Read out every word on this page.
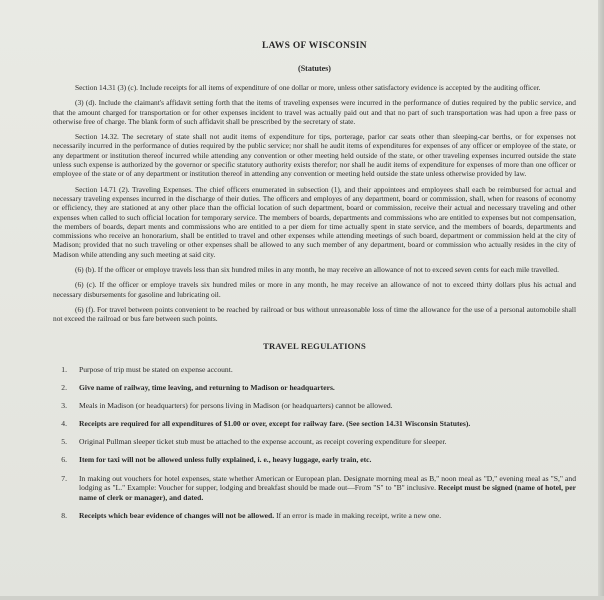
LAWS OF WISCONSIN
(Statutes)

Section 14.31 (3) (c). Include receipts for all items of expenditure of one dollar or more, unless other satisfactory evidence is accepted by the auditing officer.

(3) (d). Include the claimant's affidavit setting forth that the items of traveling expenses were incurred in the performance of duties required by the public service, and that the amount charged for transportation or for other expenses incident to travel was actually paid out and that no part of such transportation was had upon a free pass or otherwise free of charge. The blank form of such affidavit shall be prescribed by the secretary of state.

Section 14.32. The secretary of state shall not audit items of expenditure for tips, porterage, parlor car seats other than sleeping-car berths, or for expenses not necessarily incurred in the performance of duties required by the public service; nor shall he audit items of expenditures for expenses of any officer or employee of the state, or any department or institution thereof incurred while attending any convention or other meeting held outside of the state, or other traveling expenses incurred outside the state unless such expense is authorized by the governor or specific statutory authority exists therefor; nor shall he audit items of expenditure for expenses of more than one officer or employee of the state or of any department or institution thereof in attending any convention or meeting held outside the state unless otherwise provided by law.

Section 14.71 (2). Traveling Expenses. The chief officers enumerated in subsection (1), and their appointees and employees shall each be reimbursed for actual and necessary traveling expenses incurred in the discharge of their duties. The officers and employes of any department, board or commission, shall, when for reasons of economy or efficiency, they are stationed at any other place than the official location of such department, board or commission, receive their actual and necessary traveling and other expenses when called to such official location for temporary service. The members of boards, departments and commissions who are entitled to expenses but not compensation, the members of boards, depart ments and commissions who are entitled to a per diem for time actually spent in state service, and the members of boards, departments and commissions who receive an honorarium, shall be entitled to travel and other expenses while attending meetings of such board, department or commission held at the city of Madison; provided that no such traveling or other expenses shall be allowed to any such member of any department, board or commission who actually resides in the city of Madison while attending any such meeting at said city.

(6) (b). If the officer or employe travels less than six hundred miles in any month, he may receive an allowance of not to exceed seven cents for each mile travelled.

(6) (c). If the officer or employe travels six hundred miles or more in any month, he may receive an allowance of not to exceed thirty dollars plus his actual and necessary disbursements for gasoline and lubricating oil.

(6) (f). For travel between points convenient to be reached by railroad or bus without unreasonable loss of time the allowance for the use of a personal automobile shall not exceed the railroad or bus fare between such points.

TRAVEL REGULATIONS
1. Purpose of trip must be stated on expense account.
2. Give name of railway, time leaving, and returning to Madison or headquarters.
3. Meals in Madison (or headquarters) for persons living in Madison (or headquarters) cannot be allowed.
4. Receipts are required for all expenditures of $1.00 or over, except for railway fare. (See section 14.31 Wisconsin Statutes).
5. Original Pullman sleeper ticket stub must be attached to the expense account, as receipt covering expenditure for sleeper.
6. Item for taxi will not be allowed unless fully explained, i. e., heavy luggage, early train, etc.
7. In making out vouchers for hotel expenses, state whether American or European plan. Designate morning meal as B," noon meal as "D," evening meal as "S," and lodging as "L." Example: Voucher for supper, lodging and breakfast should be made out—From "S" to "B" inclusive. Receipt must be signed (name of hotel, per name of clerk or manager), and dated.
8. Receipts which bear evidence of changes will not be allowed. If an error is made in making receipt, write a new one.
